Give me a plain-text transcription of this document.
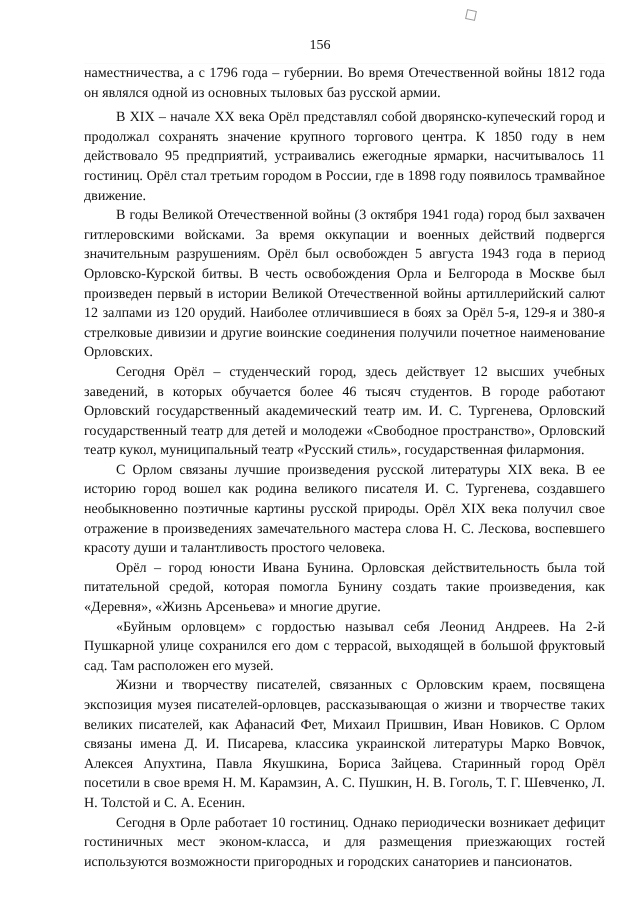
156

наместничества, а с 1796 года – губернии. Во время Отечественной войны 1812 года он являлся одной из основных тыловых баз русской армии.

В XIX – начале XX века Орёл представлял собой дворянско-купеческий город и продолжал сохранять значение крупного торгового центра. К 1850 году в нем действовало 95 предприятий, устраивались ежегодные ярмарки, насчитывалось 11 гостиниц. Орёл стал третьим городом в России, где в 1898 году появилось трамвайное движение.

В годы Великой Отечественной войны (3 октября 1941 года) город был захвачен гитлеровскими войсками. За время оккупации и военных действий подвергся значительным разрушениям. Орёл был освобожден 5 августа 1943 года в период Орловско-Курской битвы. В честь освобождения Орла и Белгорода в Москве был произведен первый в истории Великой Отечественной войны артиллерийский салют 12 залпами из 120 орудий. Наиболее отличившиеся в боях за Орёл 5-я, 129-я и 380-я стрелковые дивизии и другие воинские соединения получили почетное наименование Орловских.

Сегодня Орёл – студенческий город, здесь действует 12 высших учебных заведений, в которых обучается более 46 тысяч студентов. В городе работают Орловский государственный академический театр им. И. С. Тургенева, Орловский государственный театр для детей и молодежи «Свободное пространство», Орловский театр кукол, муниципальный театр «Русский стиль», государственная филармония.

С Орлом связаны лучшие произведения русской литературы XIX века. В ее историю город вошел как родина великого писателя И. С. Тургенева, создавшего необыкновенно поэтичные картины русской природы. Орёл XIX века получил свое отражение в произведениях замечательного мастера слова Н. С. Лескова, воспевшего красоту души и талантливость простого человека.

Орёл – город юности Ивана Бунина. Орловская действительность была той питательной средой, которая помогла Бунину создать такие произведения, как «Деревня», «Жизнь Арсеньева» и многие другие.

«Буйным орловцем» с гордостью называл себя Леонид Андреев. На 2-й Пушкарной улице сохранился его дом с террасой, выходящей в большой фруктовый сад. Там расположен его музей.

Жизни и творчеству писателей, связанных с Орловским краем, посвящена экспозиция музея писателей-орловцев, рассказывающая о жизни и творчестве таких великих писателей, как Афанасий Фет, Михаил Пришвин, Иван Новиков. С Орлом связаны имена Д. И. Писарева, классика украинской литературы Марко Вовчок, Алексея Апухтина, Павла Якушкина, Бориса Зайцева. Старинный город Орёл посетили в свое время Н. М. Карамзин, А. С. Пушкин, Н. В. Гоголь, Т. Г. Шевченко, Л. Н. Толстой и С. А. Есенин.

Сегодня в Орле работает 10 гостиниц. Однако периодически возникает дефицит гостиничных мест эконом-класса, и для размещения приезжающих гостей используются возможности пригородных и городских санаториев и пансионатов.
